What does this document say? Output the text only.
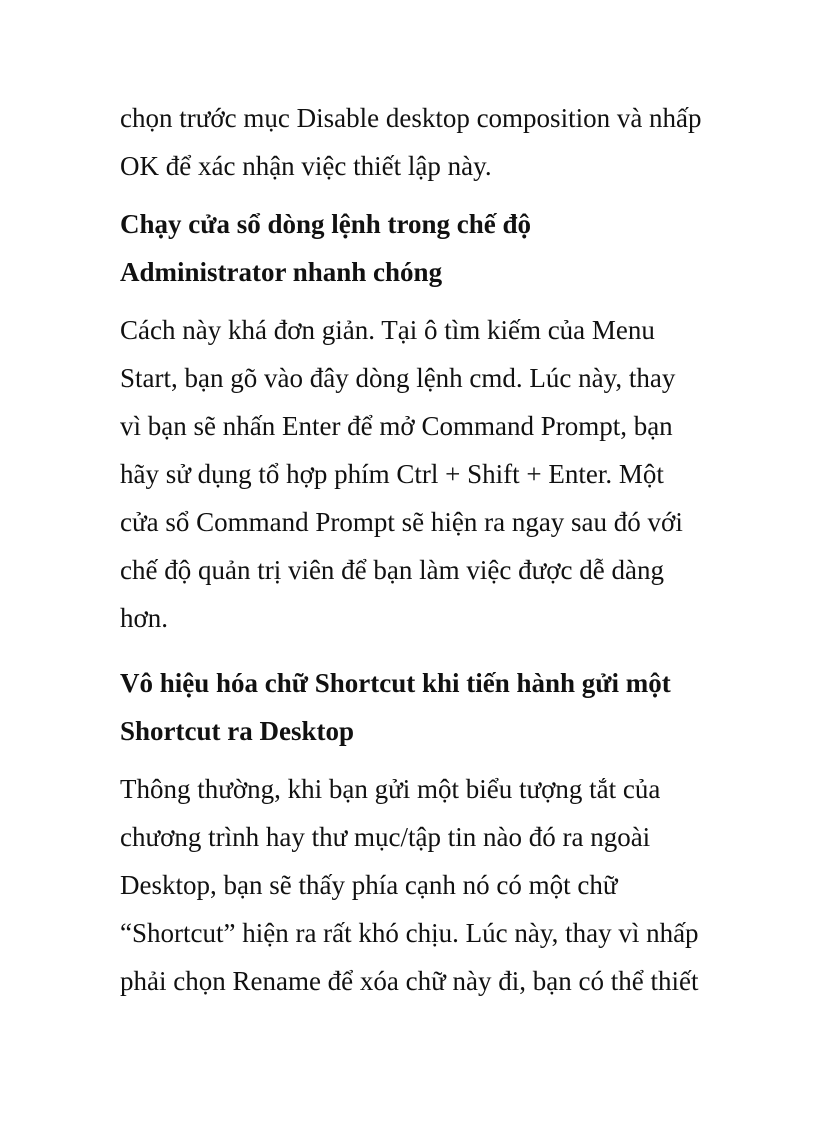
chọn trước mục Disable desktop composition và nhấp
OK để xác nhận việc thiết lập này.
Chạy cửa sổ dòng lệnh trong chế độ
Administrator nhanh chóng
Cách này khá đơn giản. Tại ô tìm kiếm của Menu
Start, bạn gõ vào đây dòng lệnh cmd. Lúc này, thay
vì bạn sẽ nhấn Enter để mở Command Prompt, bạn
hãy sử dụng tổ hợp phím Ctrl + Shift + Enter. Một
cửa sổ Command Prompt sẽ hiện ra ngay sau đó với
chế độ quản trị viên để bạn làm việc được dễ dàng
hơn.
Vô hiệu hóa chữ Shortcut khi tiến hành gửi một
Shortcut ra Desktop
Thông thường, khi bạn gửi một biểu tượng tắt của
chương trình hay thư mục/tập tin nào đó ra ngoài
Desktop, bạn sẽ thấy phía cạnh nó có một chữ
“Shortcut” hiện ra rất khó chịu. Lúc này, thay vì nhấp
phải chọn Rename để xóa chữ này đi, bạn có thể thiết
